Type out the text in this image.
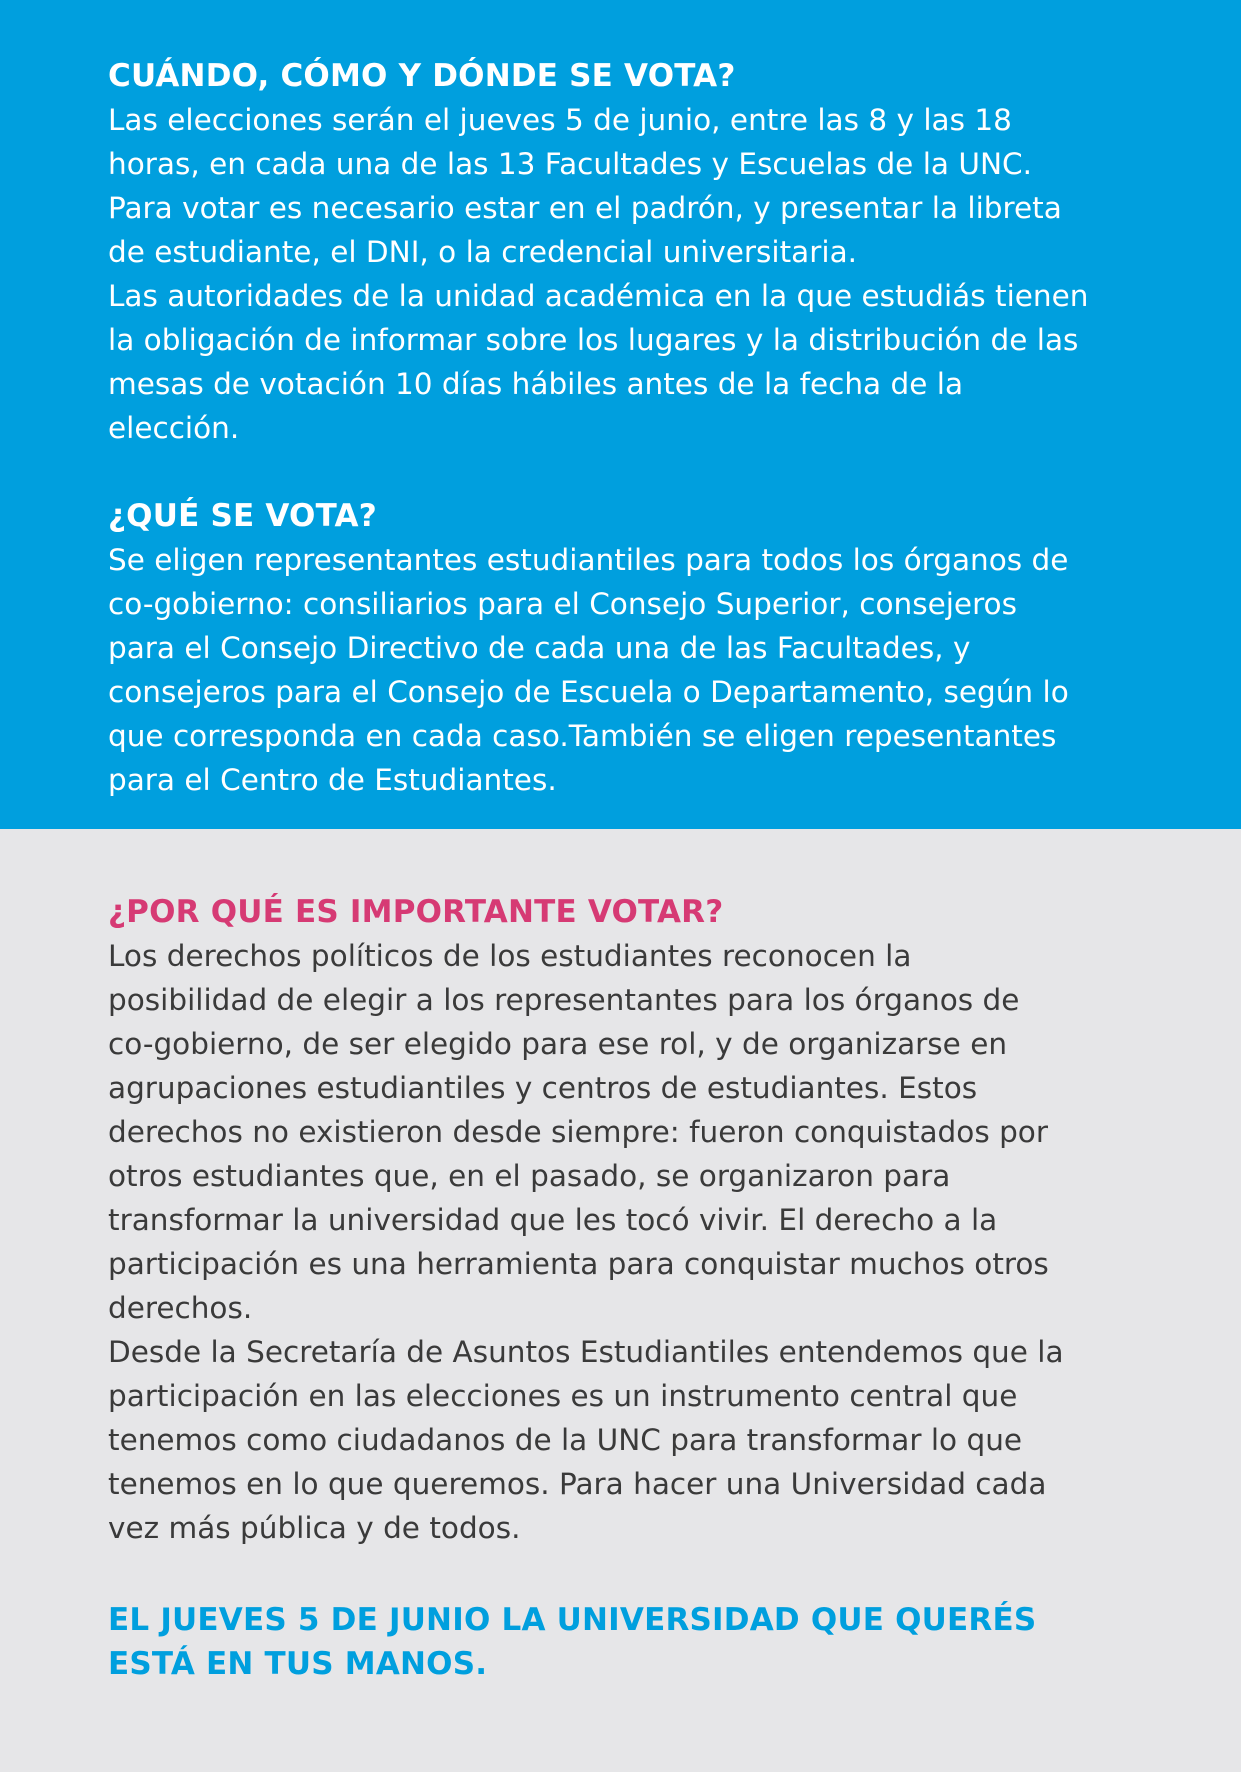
CUÁNDO, CÓMO Y DÓNDE SE VOTA?

Las elecciones serán el jueves 5 de junio, entre las 8 y las 18
horas, en cada una de las 13 Facultades y Escuelas de la UNC.
Para votar es necesario estar en el padrón, y presentar la libreta
de estudiante, el DNI, o la credencial universitaria.
Las autoridades de la unidad académica en la que estudiás tienen
la obligación de informar sobre los lugares y la distribución de las
mesas de votación 10 días hábiles antes de la fecha de la
elección.

¿QUÉ SE VOTA?

Se eligen representantes estudiantiles para todos los órganos de
co-gobierno: consiliarios para el Consejo Superior, consejeros
para el Consejo Directivo de cada una de las Facultades, y
consejeros para el Consejo de Escuela o Departamento, según lo
que corresponda en cada caso.También se eligen repesentantes
para el Centro de Estudiantes.

¿POR QUÉ ES IMPORTANTE VOTAR?

Los derechos políticos de los estudiantes reconocen la
posibilidad de elegir a los representantes para los órganos de
co-gobierno, de ser elegido para ese rol, y de organizarse en
agrupaciones estudiantiles y centros de estudiantes. Estos
derechos no existieron desde siempre: fueron conquistados por
otros estudiantes que, en el pasado, se organizaron para
transformar la universidad que les tocó vivir. El derecho a la
participación es una herramienta para conquistar muchos otros
derechos.
Desde la Secretaría de Asuntos Estudiantiles entendemos que la
participación en las elecciones es un instrumento central que
tenemos como ciudadanos de la UNC para transformar lo que
tenemos en lo que queremos. Para hacer una Universidad cada
vez más pública y de todos.

EL JUEVES 5 DE JUNIO LA UNIVERSIDAD QUE QUERÉS
ESTÁ EN TUS MANOS.
